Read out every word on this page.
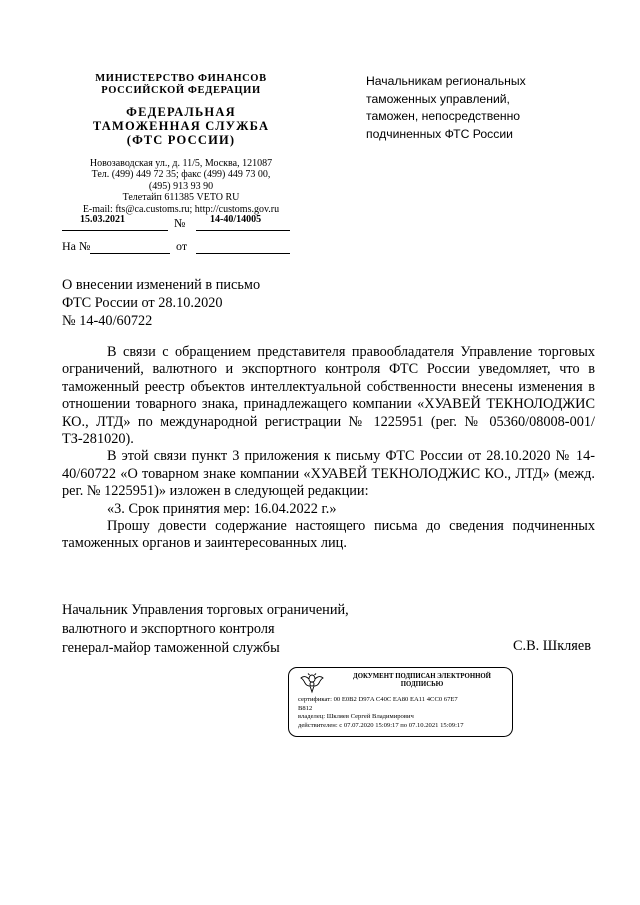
МИНИСТЕРСТВО ФИНАНСОВ
РОССИЙСКОЙ ФЕДЕРАЦИИ
ФЕДЕРАЛЬНАЯ
ТАМОЖЕННАЯ СЛУЖБА
(ФТС РОССИИ)
Новозаводская ул., д. 11/5, Москва, 121087
Тел. (499) 449 72 35; факс (499) 449 73 00,
(495) 913 93 90
Телетайп 611385 VETO RU
E-mail: fts@ca.customs.ru; http://customs.gov.ru
15.03.2021	№ 14-40/14005
На №	от
Начальникам региональных
таможенных управлений,
таможен, непосредственно
подчиненных ФТС России
О внесении изменений в письмо
ФТС России от 28.10.2020
№ 14-40/60722

В связи с обращением представителя правообладателя Управление торговых ограничений, валютного и экспортного контроля ФТС России уведомляет, что в таможенный реестр объектов интеллектуальной собственности внесены изменения в отношении товарного знака, принадлежащего компании «ХУАВЕЙ ТЕКНОЛОДЖИС КО., ЛТД» по международной регистрации № 1225951 (рег. № 05360/08008-001/ТЗ-281020).

В этой связи пункт 3 приложения к письму ФТС России от 28.10.2020 № 14-40/60722 «О товарном знаке компании «ХУАВЕЙ ТЕКНОЛОДЖИС КО., ЛТД» (межд. рег. № 1225951)» изложен в следующей редакции:

«3. Срок принятия мер: 16.04.2022 г.»

Прошу довести содержание настоящего письма до сведения подчиненных таможенных органов и заинтересованных лиц.

Начальник Управления торговых ограничений,
валютного и экспортного контроля
генерал-майор таможенной службы	С.В. Шкляев
ДОКУМЕНТ ПОДПИСАН ЭЛЕКТРОННОЙ
ПОДПИСЬЮ
сертификат: 00 E0B2 D97A C40C EA80 EA11 4CC0 67E7
B812
владелец: Шкляев Сергей Владимирович
действителен: с 07.07.2020 15:09:17 по 07.10.2021 15:09:17
